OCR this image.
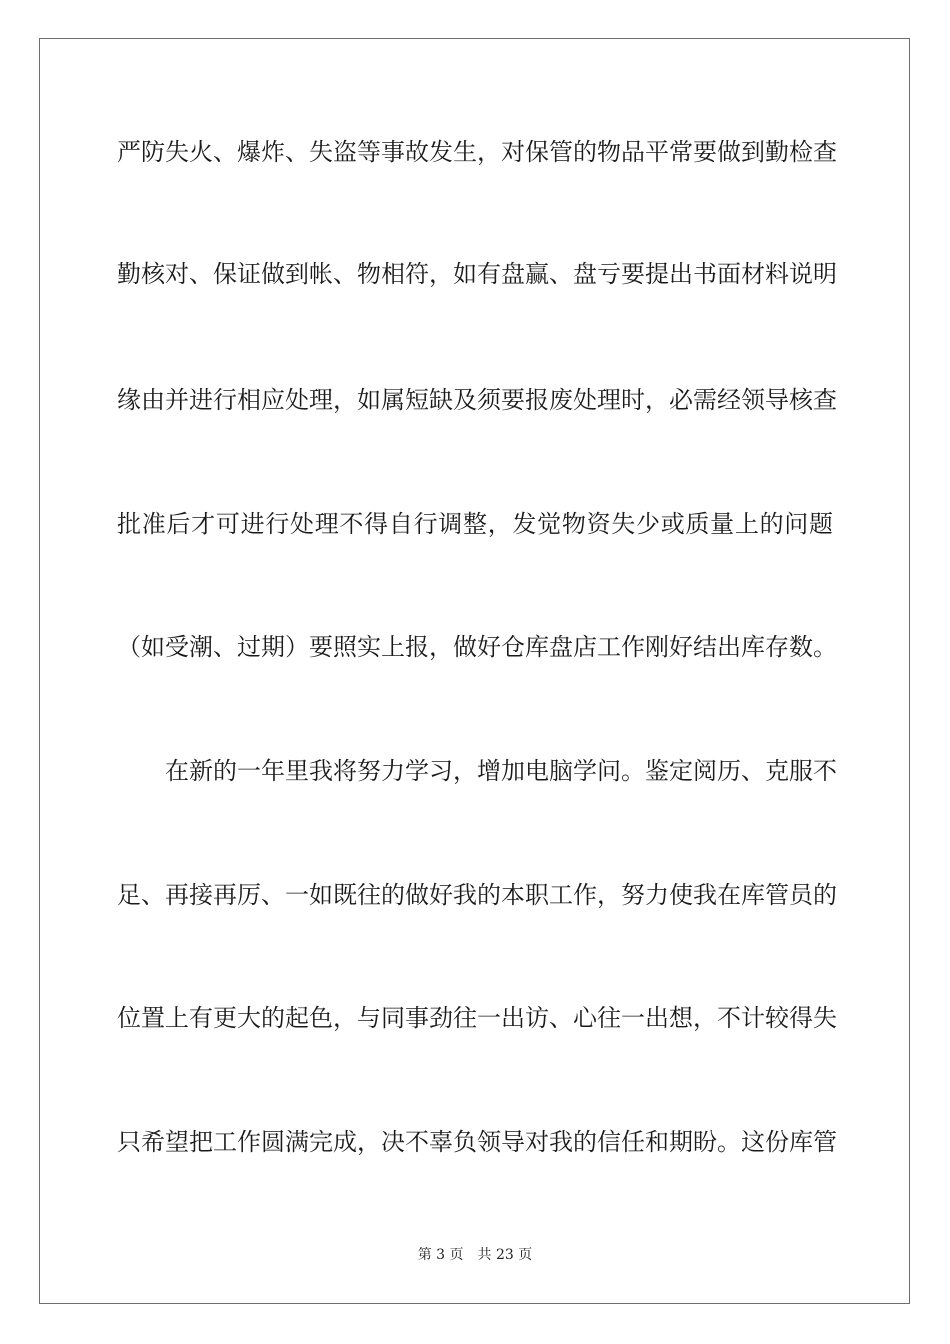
严防失火、爆炸、失盗等事故发生，对保管的物品平常要做到勤检查
勤核对、保证做到帐、物相符，如有盘赢、盘亏要提出书面材料说明
缘由并进行相应处理，如属短缺及须要报废处理时，必需经领导核查
批准后才可进行处理不得自行调整，发觉物资失少或质量上的问题
（如受潮、过期）要照实上报，做好仓库盘店工作刚好结出库存数。
在新的一年里我将努力学习，增加电脑学问。鉴定阅历、克服不
足、再接再厉、一如既往的做好我的本职工作，努力使我在库管员的
位置上有更大的起色，与同事劲往一出访、心往一出想，不计较得失
只希望把工作圆满完成，决不辜负领导对我的信任和期盼。这份库管
第 3 页　共 23 页
